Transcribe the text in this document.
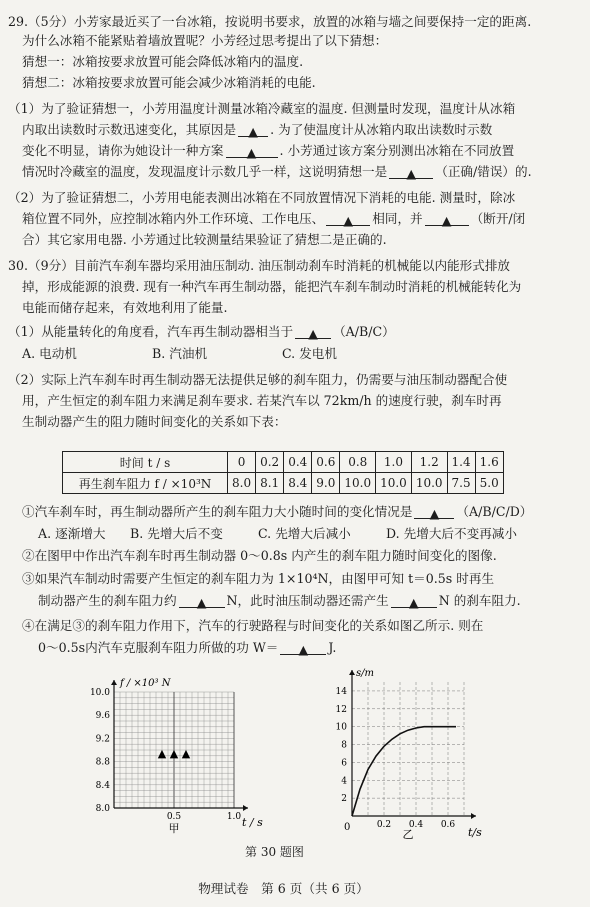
29.（5分）小芳家最近买了一台冰箱，按说明书要求，放置的冰箱与墙之间要保持一定的距离.
为什么冰箱不能紧贴着墙放置呢？小芳经过思考提出了以下猜想：
猜想一：冰箱按要求放置可能会降低冰箱内的温度.
猜想二：冰箱按要求放置可能会减少冰箱消耗的电能.
（1）为了验证猜想一，小芳用温度计测量冰箱冷藏室的温度. 但测量时发现，温度计从冰箱
内取出读数时示数迅速变化，其原因是 ▲ . 为了使温度计从冰箱内取出读数时示数
变化不明显，请你为她设计一种方案 ▲ . 小芳通过该方案分别测出冰箱在不同放置
情况时冷藏室的温度，发现温度计示数几乎一样，这说明猜想一是 ▲ （正确/错误）的.
（2）为了验证猜想二，小芳用电能表测出冰箱在不同放置情况下消耗的电能. 测量时，除冰
箱位置不同外，应控制冰箱内外工作环境、工作电压、 ▲ 相同，并 ▲ （断开/闭
合）其它家用电器. 小芳通过比较测量结果验证了猜想二是正确的.
30.（9分）目前汽车刹车器均采用油压制动. 油压制动刹车时消耗的机械能以内能形式排放
掉，形成能源的浪费. 现有一种汽车再生制动器，能把汽车刹车制动时消耗的机械能转化为
电能而储存起来，有效地利用了能量.
（1）从能量转化的角度看，汽车再生制动器相当于 ▲ （A/B/C）
A. 电动机	B. 汽油机	C. 发电机
（2）实际上汽车刹车时再生制动器无法提供足够的刹车阻力，仍需要与油压制动器配合使
用，产生恒定的刹车阻力来满足刹车要求. 若某汽车以 72km/h 的速度行驶，刹车时再
生制动器产生的阻力随时间变化的关系如下表：
时间 t / s	0	0.2	0.4	0.6	0.8	1.0	1.2	1.4	1.6
再生刹车阻力 f / ×10³N	8.0	8.1	8.4	9.0	10.0	10.0	10.0	7.5	5.0
①汽车刹车时，再生制动器所产生的刹车阻力大小随时间的变化情况是 ▲ （A/B/C/D）
A. 逐渐增大 B. 先增大后不变	C. 先增大后减小	D. 先增大后不变再减小
②在图甲中作出汽车刹车时再生制动器 0～0.8s 内产生的刹车阻力随时间变化的图像.
③如果汽车制动时需要产生恒定的刹车阻力为 1×10⁴N，由图甲可知 t＝0.5s 时再生
制动器产生的刹车阻力约 ▲ N，此时油压制动器还需产生 ▲ N 的刹车阻力.
④在满足③的刹车阻力作用下，汽车的行驶路程与时间变化的关系如图乙所示. 则在
0～0.5s内汽车克服刹车阻力所做的功 W＝ ▲ J.
8.0
8.4
8.8
9.2
9.6
10.0
0.5	1.0
f / ×10³ N
t / s
甲
▲ ▲ ▲
2
4
6
8
10
12
14
0.2 0.4 0.6
0
s/m
t/s
乙
第 30 题图
物理试卷　第 6 页（共 6 页）
